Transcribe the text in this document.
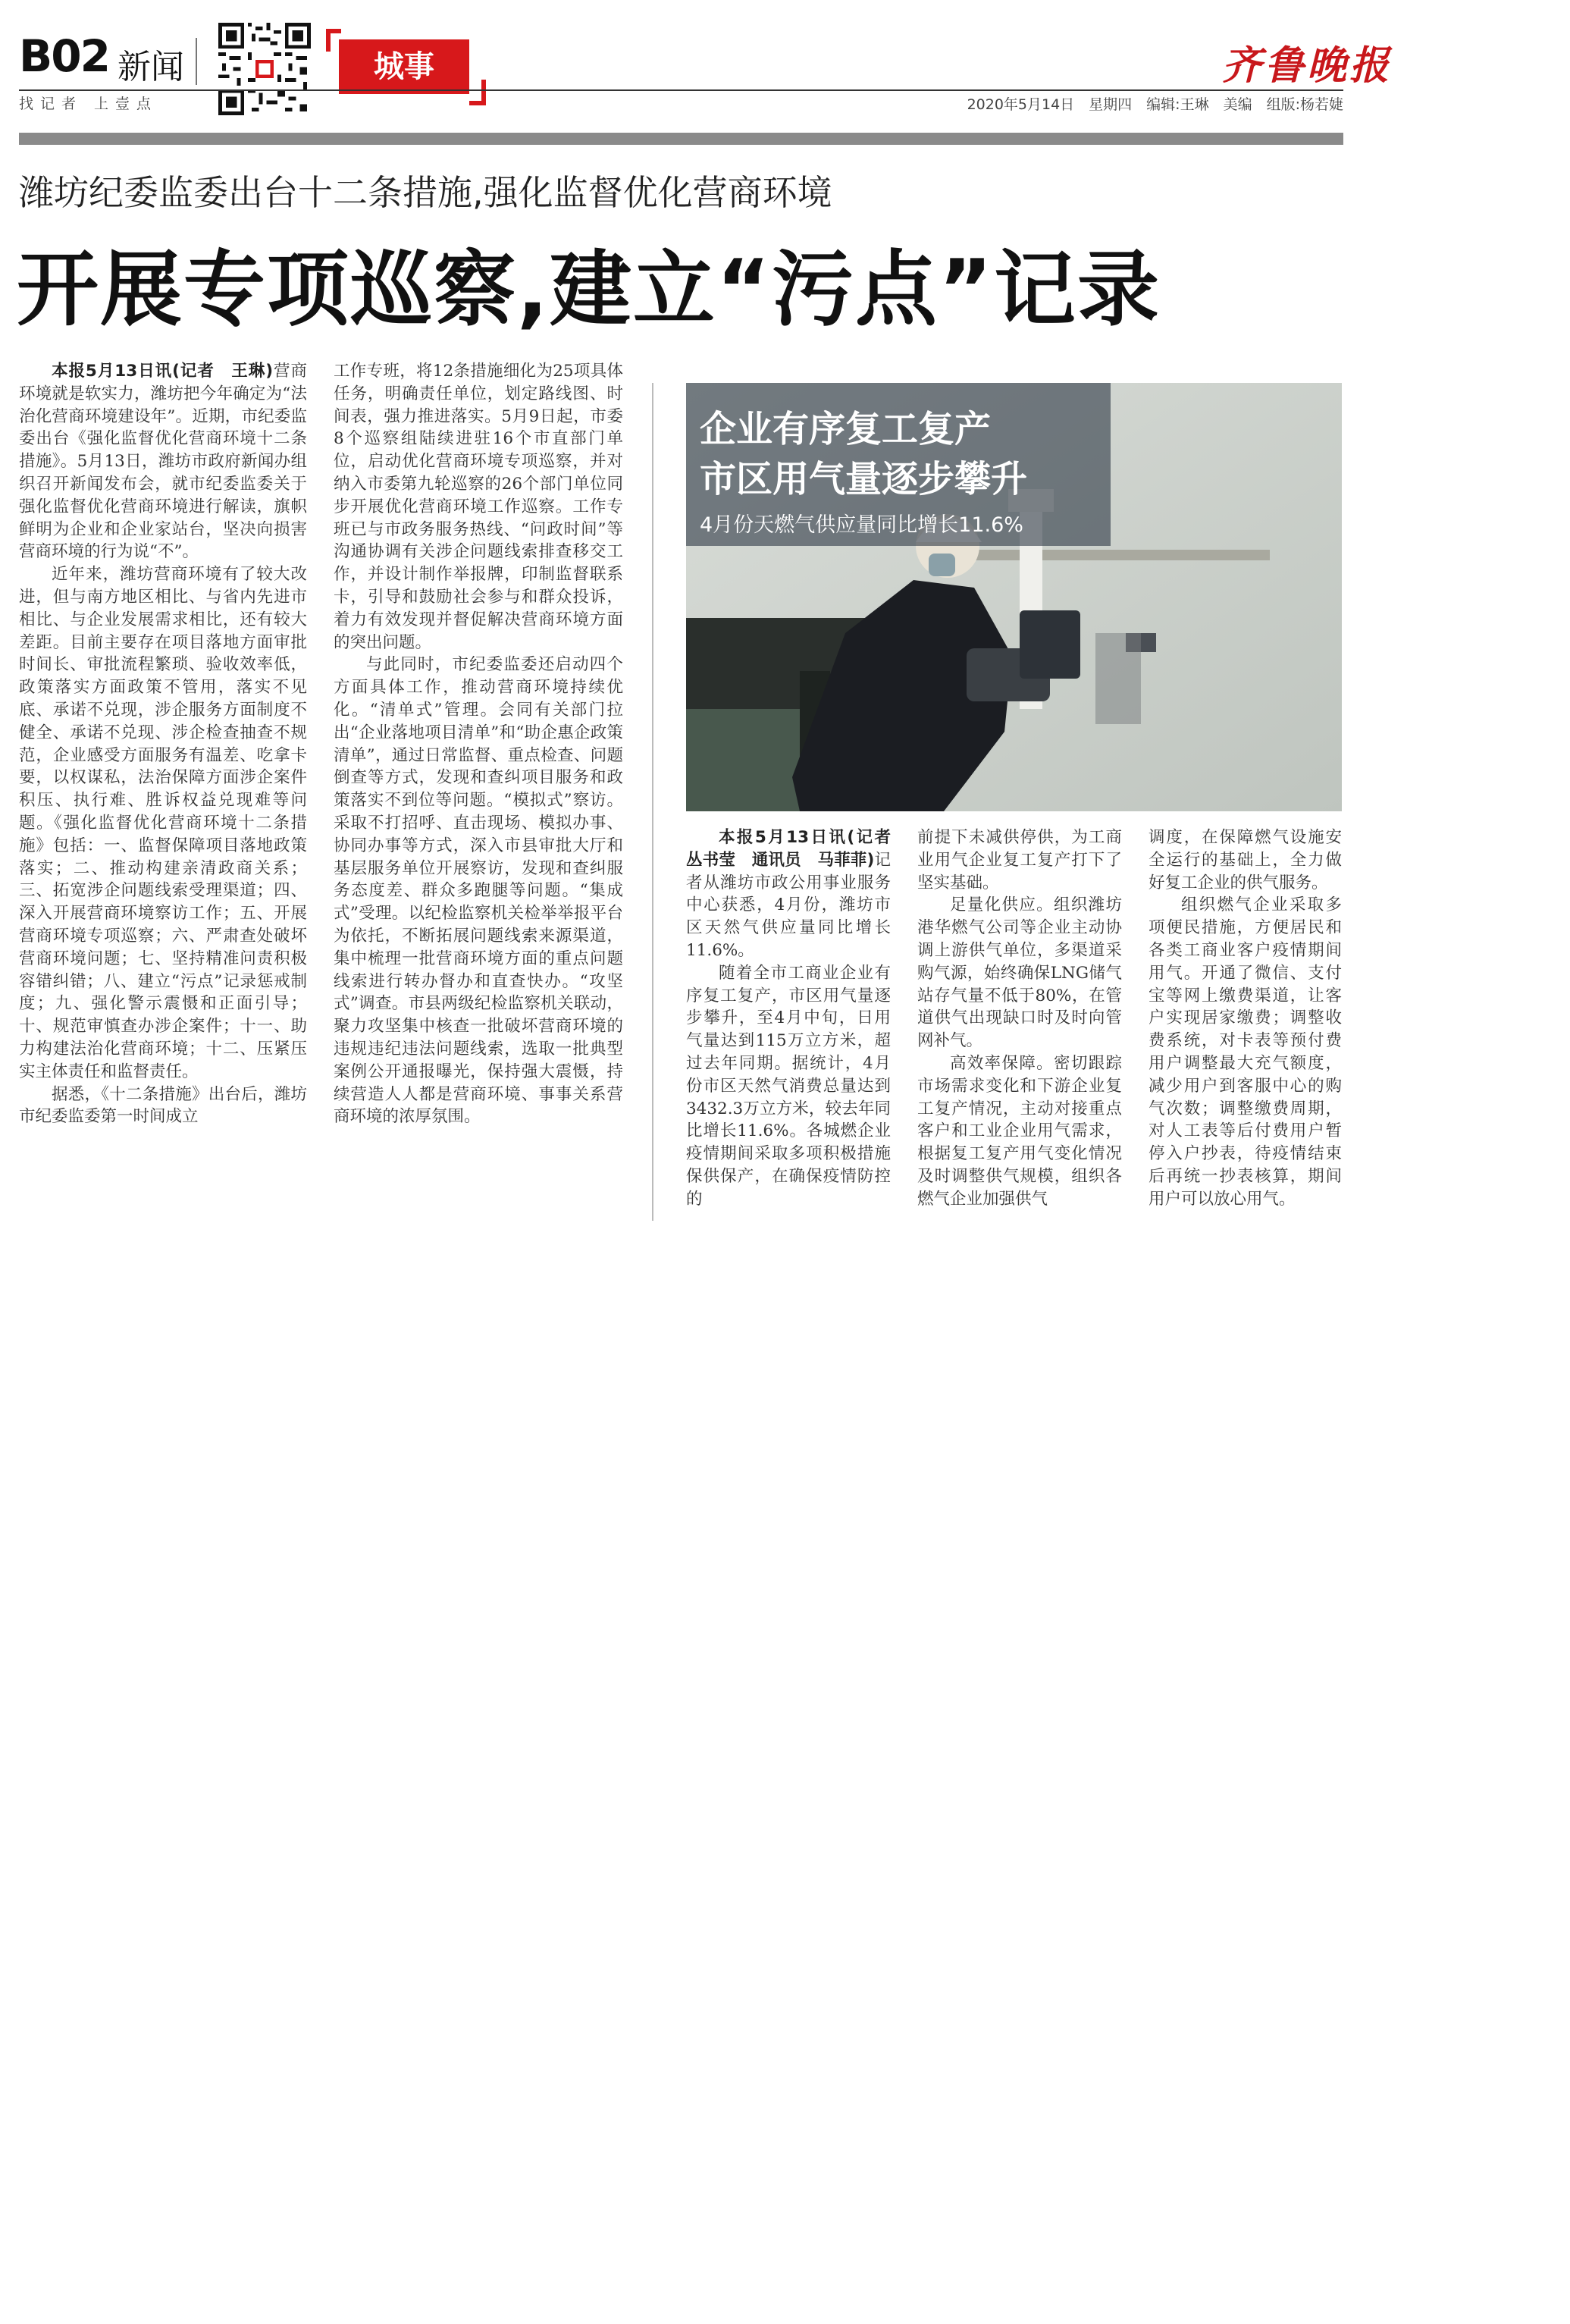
B02 新闻
找记者 上壹点
城事	齐鲁晚报
2020年5月14日　星期四　编辑:王琳　美编　组版:杨若婕
潍坊纪委监委出台十二条措施,强化监督优化营商环境
开展专项巡察,建立“污点”记录

本报5月13日讯(记者　王琳)营商环境就是软实力，潍坊把今年确定为“法治化营商环境建设年”。近期，市纪委监委出台《强化监督优化营商环境十二条措施》。5月13日，潍坊市政府新闻办组织召开新闻发布会，就市纪委监委关于强化监督优化营商环境进行解读，旗帜鲜明为企业和企业家站台，坚决向损害营商环境的行为说“不”。

近年来，潍坊营商环境有了较大改进，但与南方地区相比、与省内先进市相比、与企业发展需求相比，还有较大差距。目前主要存在项目落地方面审批时间长、审批流程繁琐、验收效率低，政策落实方面政策不管用，落实不见底、承诺不兑现，涉企服务方面制度不健全、承诺不兑现、涉企检查抽查不规范，企业感受方面服务有温差、吃拿卡要，以权谋私，法治保障方面涉企案件积压、执行难、胜诉权益兑现难等问题。《强化监督优化营商环境十二条措施》包括：一、监督保障项目落地政策落实；二、推动构建亲清政商关系；三、拓宽涉企问题线索受理渠道；四、深入开展营商环境察访工作；五、开展营商环境专项巡察；六、严肃查处破坏营商环境问题；七、坚持精准问责积极容错纠错；八、建立“污点”记录惩戒制度；九、强化警示震慑和正面引导；十、规范审慎查办涉企案件；十一、助力构建法治化营商环境；十二、压紧压实主体责任和监督责任。

据悉，《十二条措施》出台后，潍坊市纪委监委第一时间成立

工作专班，将12条措施细化为25项具体任务，明确责任单位，划定路线图、时间表，强力推进落实。5月9日起，市委8个巡察组陆续进驻16个市直部门单位，启动优化营商环境专项巡察，并对纳入市委第九轮巡察的26个部门单位同步开展优化营商环境工作巡察。工作专班已与市政务服务热线、“问政时间”等沟通协调有关涉企问题线索排查移交工作，并设计制作举报牌，印制监督联系卡，引导和鼓励社会参与和群众投诉，着力有效发现并督促解决营商环境方面的突出问题。

与此同时，市纪委监委还启动四个方面具体工作，推动营商环境持续优化。“清单式”管理。会同有关部门拉出“企业落地项目清单”和“助企惠企政策清单”，通过日常监督、重点检查、问题倒查等方式，发现和查纠项目服务和政策落实不到位等问题。“模拟式”察访。采取不打招呼、直击现场、模拟办事、协同办事等方式，深入市县审批大厅和基层服务单位开展察访，发现和查纠服务态度差、群众多跑腿等问题。“集成式”受理。以纪检监察机关检举举报平台为依托，不断拓展问题线索来源渠道，集中梳理一批营商环境方面的重点问题线索进行转办督办和直查快办。“攻坚式”调查。市县两级纪检监察机关联动，聚力攻坚集中核查一批破坏营商环境的违规违纪违法问题线索，选取一批典型案例公开通报曝光，保持强大震慑，持续营造人人都是营商环境、事事关系营商环境的浓厚氛围。

企业有序复工复产
市区用气量逐步攀升
4月份天燃气供应量同比增长11.6%

本报5月13日讯(记者　丛书莹　通讯员　马菲菲)记者从潍坊市政公用事业服务中心获悉，4月份，潍坊市区天然气供应量同比增长11.6%。

随着全市工商业企业有序复工复产，市区用气量逐步攀升，至4月中旬，日用气量达到115万立方米，超过去年同期。据统计，4月份市区天然气消费总量达到3432.3万立方米，较去年同比增长11.6%。各城燃企业疫情期间采取多项积极措施保供保产，在确保疫情防控的

前提下未减供停供，为工商业用气企业复工复产打下了坚实基础。

足量化供应。组织潍坊港华燃气公司等企业主动协调上游供气单位，多渠道采购气源，始终确保LNG储气站存气量不低于80%，在管道供气出现缺口时及时向管网补气。

高效率保障。密切跟踪市场需求变化和下游企业复工复产情况，主动对接重点客户和工业企业用气需求，根据复工复产用气变化情况及时调整供气规模，组织各燃气企业加强供气

调度，在保障燃气设施安全运行的基础上，全力做好复工企业的供气服务。

组织燃气企业采取多项便民措施，方便居民和各类工商业客户疫情期间用气。开通了微信、支付宝等网上缴费渠道，让客户实现居家缴费；调整收费系统，对卡表等预付费用户调整最大充气额度，减少用户到客服中心的购气次数；调整缴费周期，对人工表等后付费用户暂停入户抄表，待疫情结束后再统一抄表核算，期间用户可以放心用气。
